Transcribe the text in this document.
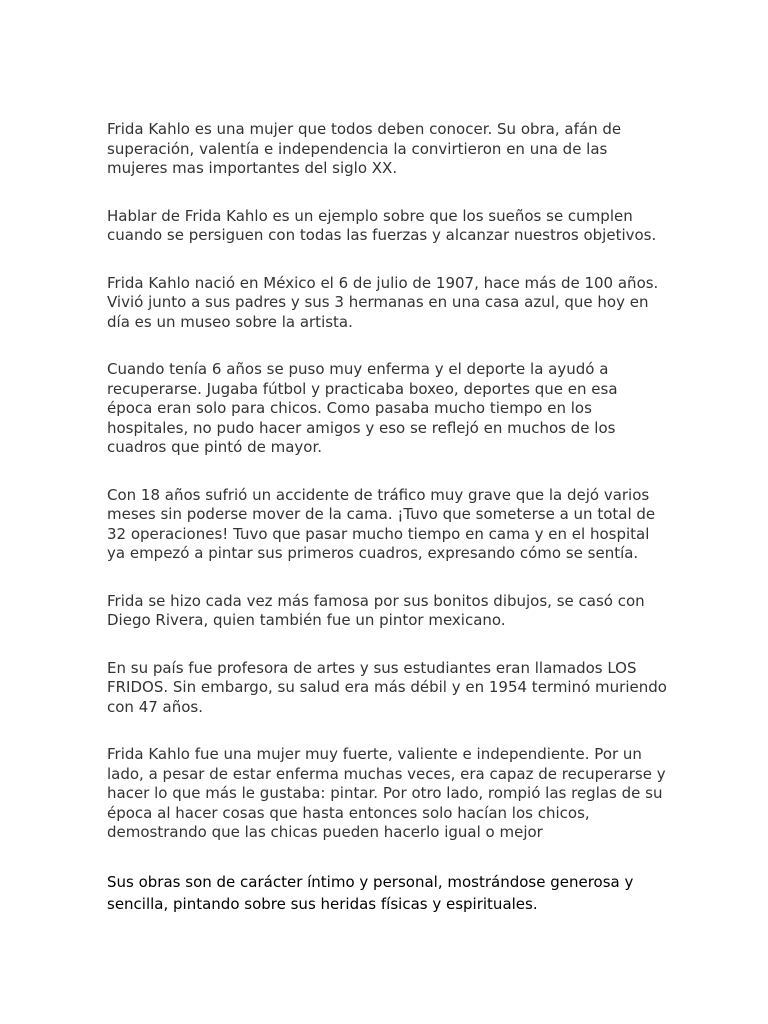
Frida Kahlo es una mujer que todos deben conocer. Su obra, afán de superación, valentía e independencia la convirtieron en una de las mujeres mas importantes del siglo XX.

Hablar de Frida Kahlo es un ejemplo sobre que los sueños se cumplen cuando se persiguen con todas las fuerzas y alcanzar nuestros objetivos.

Frida Kahlo nació en México el 6 de julio de 1907, hace más de 100 años. Vivió junto a sus padres y sus 3 hermanas en una casa azul, que hoy en día es un museo sobre la artista.

Cuando tenía 6 años se puso muy enferma y el deporte la ayudó a recuperarse. Jugaba fútbol y practicaba boxeo, deportes que en esa época eran solo para chicos. Como pasaba mucho tiempo en los hospitales, no pudo hacer amigos y eso se reflejó en muchos de los cuadros que pintó de mayor.

Con 18 años sufrió un accidente de tráfico muy grave que la dejó varios meses sin poderse mover de la cama. ¡Tuvo que someterse a un total de 32 operaciones! Tuvo que pasar mucho tiempo en cama y en el hospital ya empezó a pintar sus primeros cuadros, expresando cómo se sentía.

Frida se hizo cada vez más famosa por sus bonitos dibujos, se casó con Diego Rivera, quien también fue un pintor mexicano.

En su país fue profesora de artes y sus estudiantes eran llamados LOS FRIDOS. Sin embargo, su salud era más débil y en 1954 terminó muriendo con 47 años.

Frida Kahlo fue una mujer muy fuerte, valiente e independiente. Por un lado, a pesar de estar enferma muchas veces, era capaz de recuperarse y hacer lo que más le gustaba: pintar. Por otro lado, rompió las reglas de su época al hacer cosas que hasta entonces solo hacían los chicos, demostrando que las chicas pueden hacerlo igual o mejor

Sus obras son de carácter íntimo y personal, mostrándose generosa y sencilla, pintando sobre sus heridas físicas y espirituales.
